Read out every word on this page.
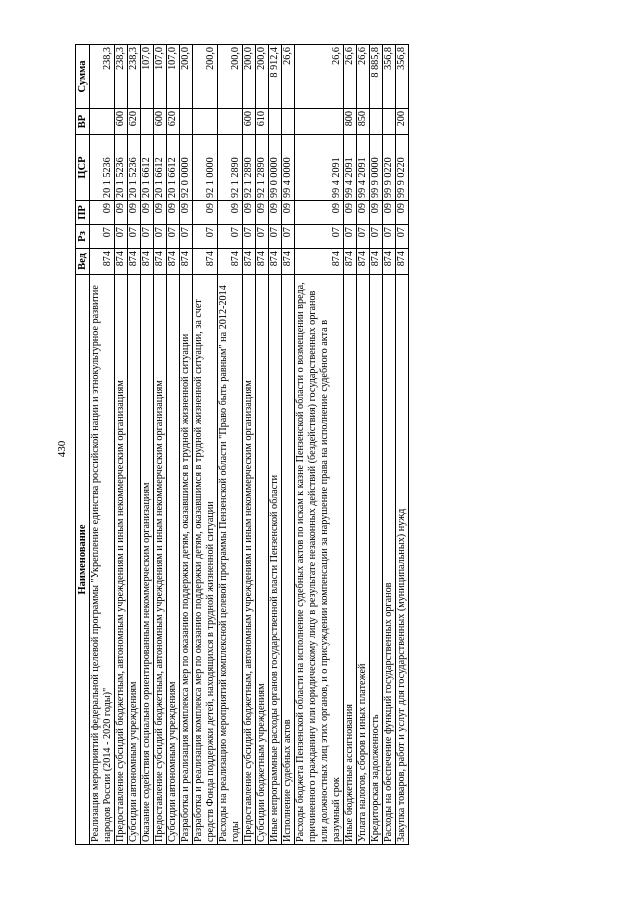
430
Наименование	Вед	Рз	ПР	ЦСР	ВР	Сумма
Реализация мероприятий федеральной целевой программы "Укрепление единства российской нации и этнокультурное развитие народов России (2014 - 2020 годы)"	874	07	09	20 1 5236		238,3
Предоставление субсидий бюджетным, автономным учреждениям и иным некоммерческим организациям	874	07	09	20 1 5236	600	238,3
Субсидии автономным учреждениям	874	07	09	20 1 5236	620	238,3
Оказание содействия социально ориентированным некоммерческим организациям	874	07	09	20 1 6612		107,0
Предоставление субсидий бюджетным, автономным учреждениям и иным некоммерческим организациям	874	07	09	20 1 6612	600	107,0
Субсидии автономным учреждениям	874	07	09	20 1 6612	620	107,0
Разработка и реализация комплекса мер по оказанию поддержки детям, оказавшимся в трудной жизненной ситуации	874	07	09	92 0 0000		200,0
Разработка и реализация комплекса мер по оказанию поддержки детям, оказавшимся в трудной жизненной ситуации, за счет средств Фонда поддержки детей, находящихся в трудной жизненной ситуации	874	07	09	92 1 0000		200,0
Расходы на реализацию мероприятий комплексной целевой программы Пензенской области "Право быть равным" на 2012-2014 годы	874	07	09	92 1 2890		200,0
Предоставление субсидий бюджетным, автономным учреждениям и иным некоммерческим организациям	874	07	09	92 1 2890	600	200,0
Субсидии бюджетным учреждениям	874	07	09	92 1 2890	610	200,0
Иные непрограммные расходы органов государственной власти Пензенской области	874	07	09	99 0 0000		8 912,4
Исполнение судебных актов	874	07	09	99 4 0000		26,6
Расходы бюджета Пензенской области на исполнение судебных актов по искам к казне Пензенской области о возмещении вреда, причиненного гражданину или юридическому лицу в результате незаконных действий (бездействия) государственных органов или должностных лиц этих органов, и о присуждении компенсации за нарушение права на исполнение судебного акта в разумный срок	874	07	09	99 4 2091		26,6
Иные бюджетные ассигнования	874	07	09	99 4 2091	800	26,6
Уплата налогов, сборов и иных платежей	874	07	09	99 4 2091	850	26,6
Кредиторская задолженность	874	07	09	99 9 0000		8 885,8
Расходы на обеспечение функций государственных органов	874	07	09	99 9 0220		356,8
Закупка товаров, работ и услуг для государственных (муниципальных) нужд	874	07	09	99 9 0220	200	356,8
